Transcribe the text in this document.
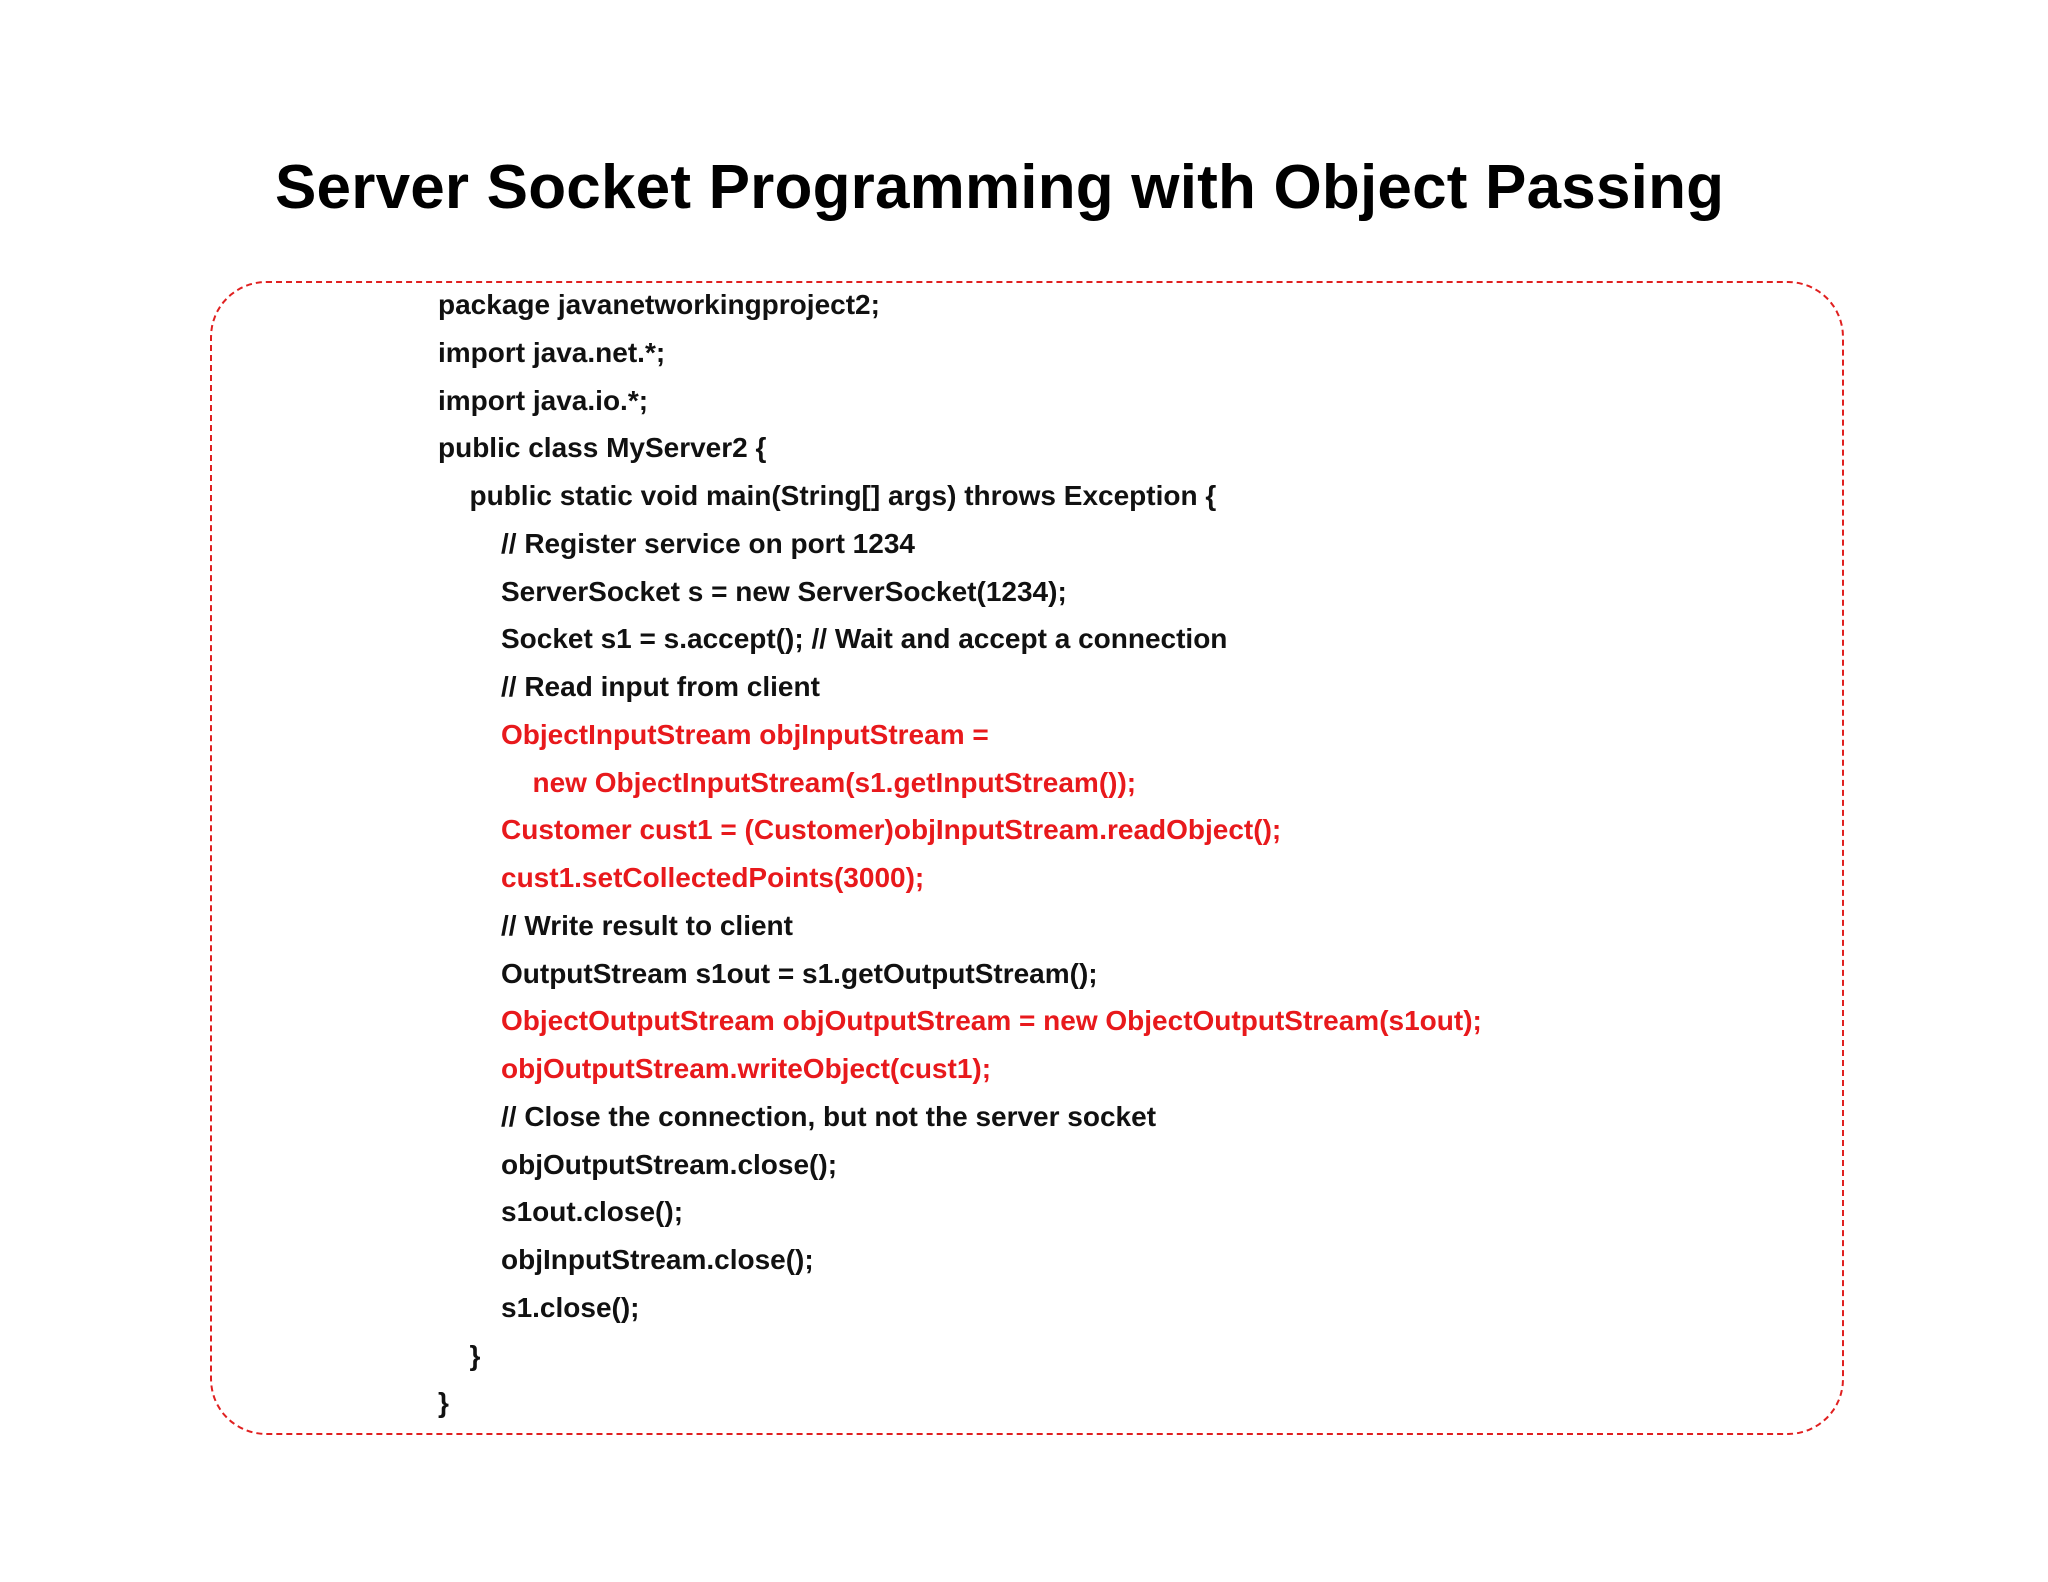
Server Socket Programming with Object Passing
package javanetworkingproject2;
import java.net.*;
import java.io.*;
public class MyServer2 {
public static void main(String[] args) throws Exception {
// Register service on port 1234
ServerSocket s = new ServerSocket(1234);
Socket s1 = s.accept(); // Wait and accept a connection
// Read input from client
ObjectInputStream objInputStream =
new ObjectInputStream(s1.getInputStream());
Customer cust1 = (Customer)objInputStream.readObject();
cust1.setCollectedPoints(3000);
// Write result to client
OutputStream s1out = s1.getOutputStream();
ObjectOutputStream objOutputStream = new ObjectOutputStream(s1out);
objOutputStream.writeObject(cust1);
// Close the connection, but not the server socket
objOutputStream.close();
s1out.close();
objInputStream.close();
s1.close();
}
}
